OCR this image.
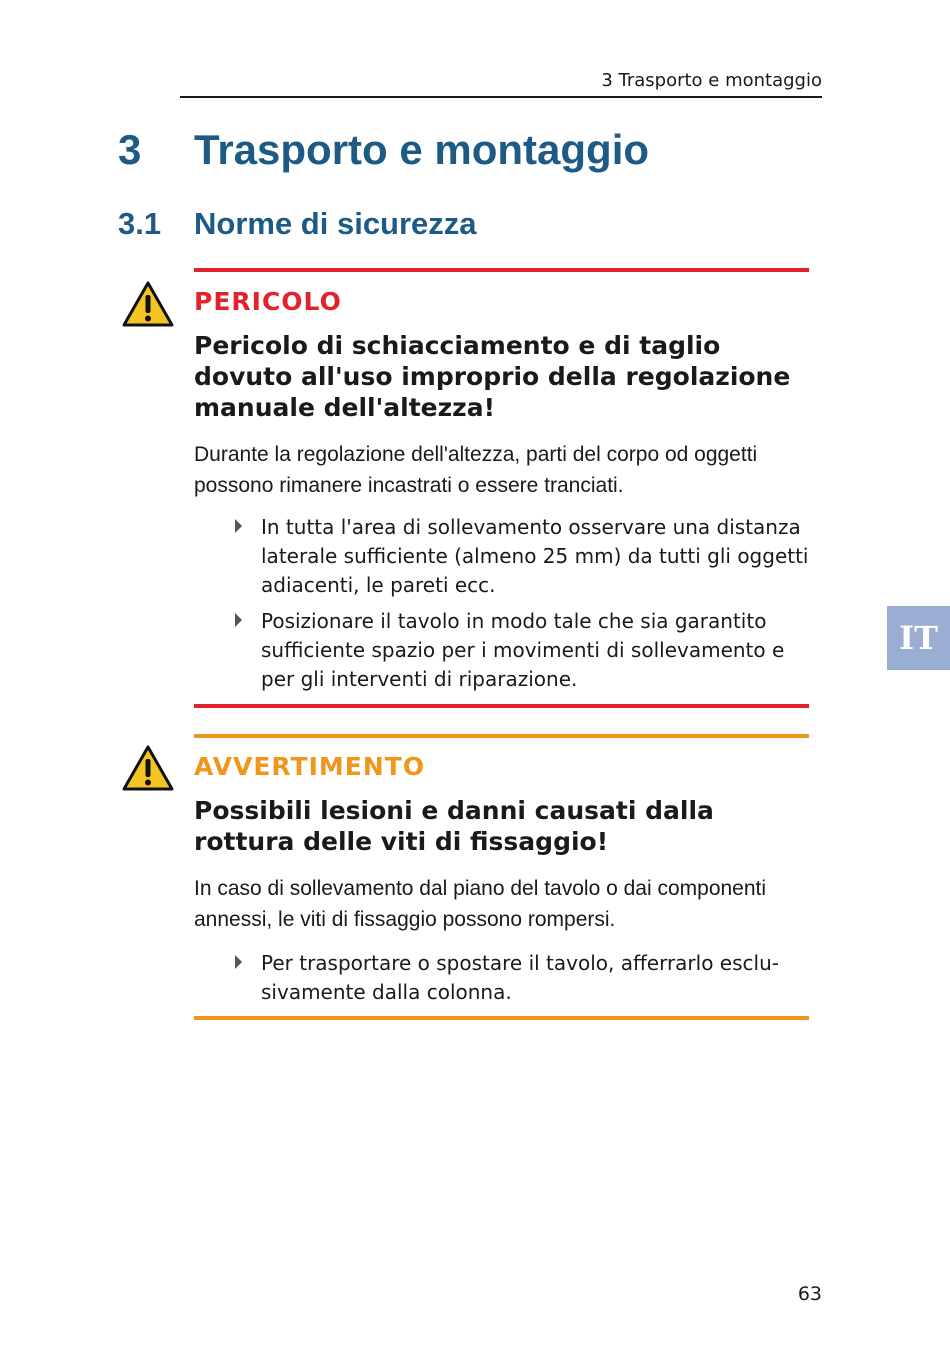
3 Trasporto e montaggio
3 Trasporto e montaggio
3.1 Norme di sicurezza

PERICOLO

Pericolo di schiacciamento e di taglio dovuto all'uso improprio della regolazione manuale dell'altezza!

Durante la regolazione dell'altezza, parti del corpo od oggetti possono rimanere incastrati o essere tranciati.

In tutta l'area di sollevamento osservare una distanza laterale sufficiente (almeno 25 mm) da tutti gli oggetti adiacenti, le pareti ecc.
Posizionare il tavolo in modo tale che sia garantito sufficiente spazio per i movimenti di sollevamento e per gli interventi di riparazione.

AVVERTIMENTO

Possibili lesioni e danni causati dalla rottura delle viti di fissaggio!

In caso di sollevamento dal piano del tavolo o dai componenti annessi, le viti di fissaggio possono rompersi.

Per trasportare o spostare il tavolo, afferrarlo esclusivamente dalla colonna.
IT
63
